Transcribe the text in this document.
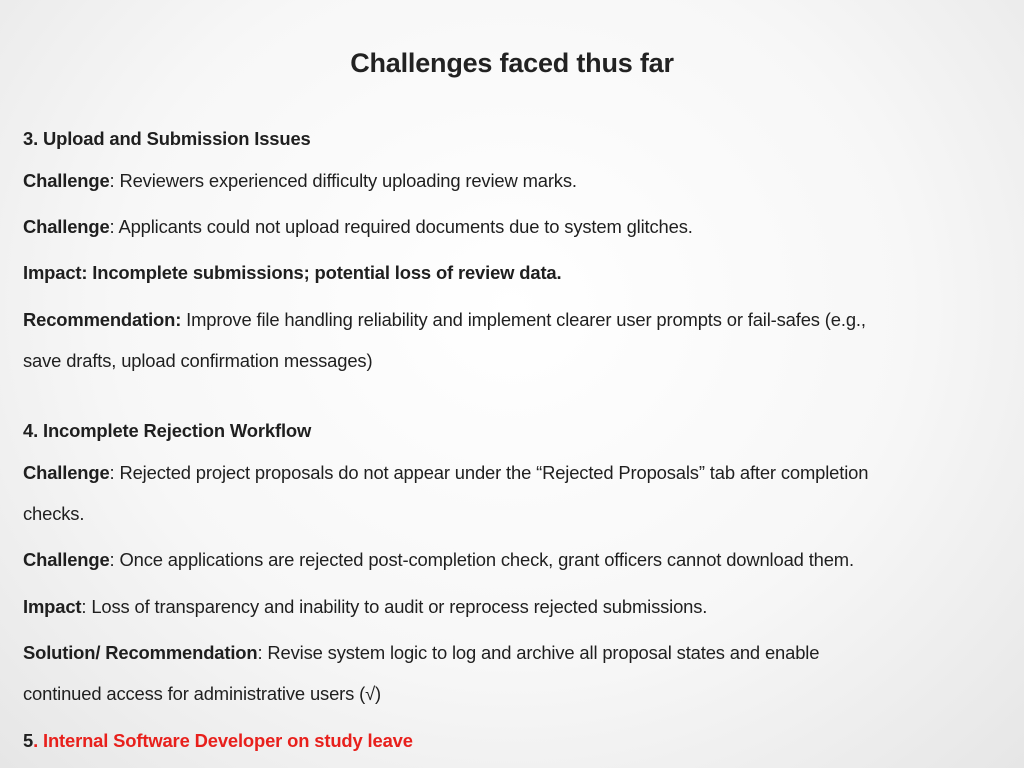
Challenges faced thus far
3. Upload and Submission Issues
Challenge: Reviewers experienced difficulty uploading review marks.
Challenge: Applicants could not upload required documents due to system glitches.
Impact: Incomplete submissions; potential loss of review data.
Recommendation: Improve file handling reliability and implement clearer user prompts or fail-safes (e.g.,
save drafts, upload confirmation messages)
4. Incomplete Rejection Workflow
Challenge: Rejected project proposals do not appear under the “Rejected Proposals” tab after completion
checks.
Challenge: Once applications are rejected post-completion check, grant officers cannot download them.
Impact: Loss of transparency and inability to audit or reprocess rejected submissions.
Solution/ Recommendation: Revise system logic to log and archive all proposal states and enable
continued access for administrative users (√)
5. Internal Software Developer on study leave
